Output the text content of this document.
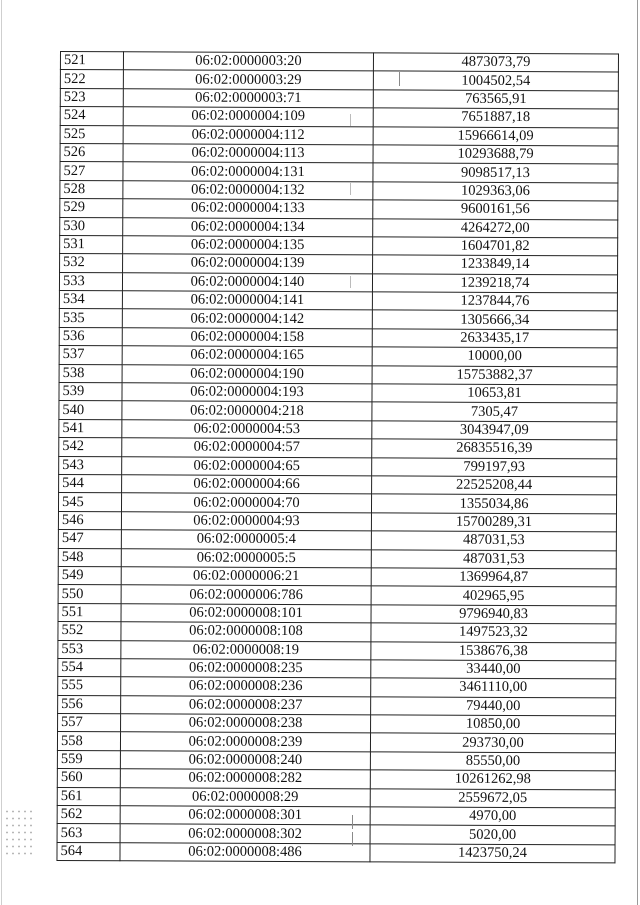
521	06:02:0000003:20	4873073,79
522	06:02:0000003:29	1004502,54
523	06:02:0000003:71	763565,91
524	06:02:0000004:109	7651887,18
525	06:02:0000004:112	15966614,09
526	06:02:0000004:113	10293688,79
527	06:02:0000004:131	9098517,13
528	06:02:0000004:132	1029363,06
529	06:02:0000004:133	9600161,56
530	06:02:0000004:134	4264272,00
531	06:02:0000004:135	1604701,82
532	06:02:0000004:139	1233849,14
533	06:02:0000004:140	1239218,74
534	06:02:0000004:141	1237844,76
535	06:02:0000004:142	1305666,34
536	06:02:0000004:158	2633435,17
537	06:02:0000004:165	10000,00
538	06:02:0000004:190	15753882,37
539	06:02:0000004:193	10653,81
540	06:02:0000004:218	7305,47
541	06:02:0000004:53	3043947,09
542	06:02:0000004:57	26835516,39
543	06:02:0000004:65	799197,93
544	06:02:0000004:66	22525208,44
545	06:02:0000004:70	1355034,86
546	06:02:0000004:93	15700289,31
547	06:02:0000005:4	487031,53
548	06:02:0000005:5	487031,53
549	06:02:0000006:21	1369964,87
550	06:02:0000006:786	402965,95
551	06:02:0000008:101	9796940,83
552	06:02:0000008:108	1497523,32
553	06:02:0000008:19	1538676,38
554	06:02:0000008:235	33440,00
555	06:02:0000008:236	3461110,00
556	06:02:0000008:237	79440,00
557	06:02:0000008:238	10850,00
558	06:02:0000008:239	293730,00
559	06:02:0000008:240	85550,00
560	06:02:0000008:282	10261262,98
561	06:02:0000008:29	2559672,05
562	06:02:0000008:301	4970,00
563	06:02:0000008:302	5020,00
564	06:02:0000008:486	1423750,24
